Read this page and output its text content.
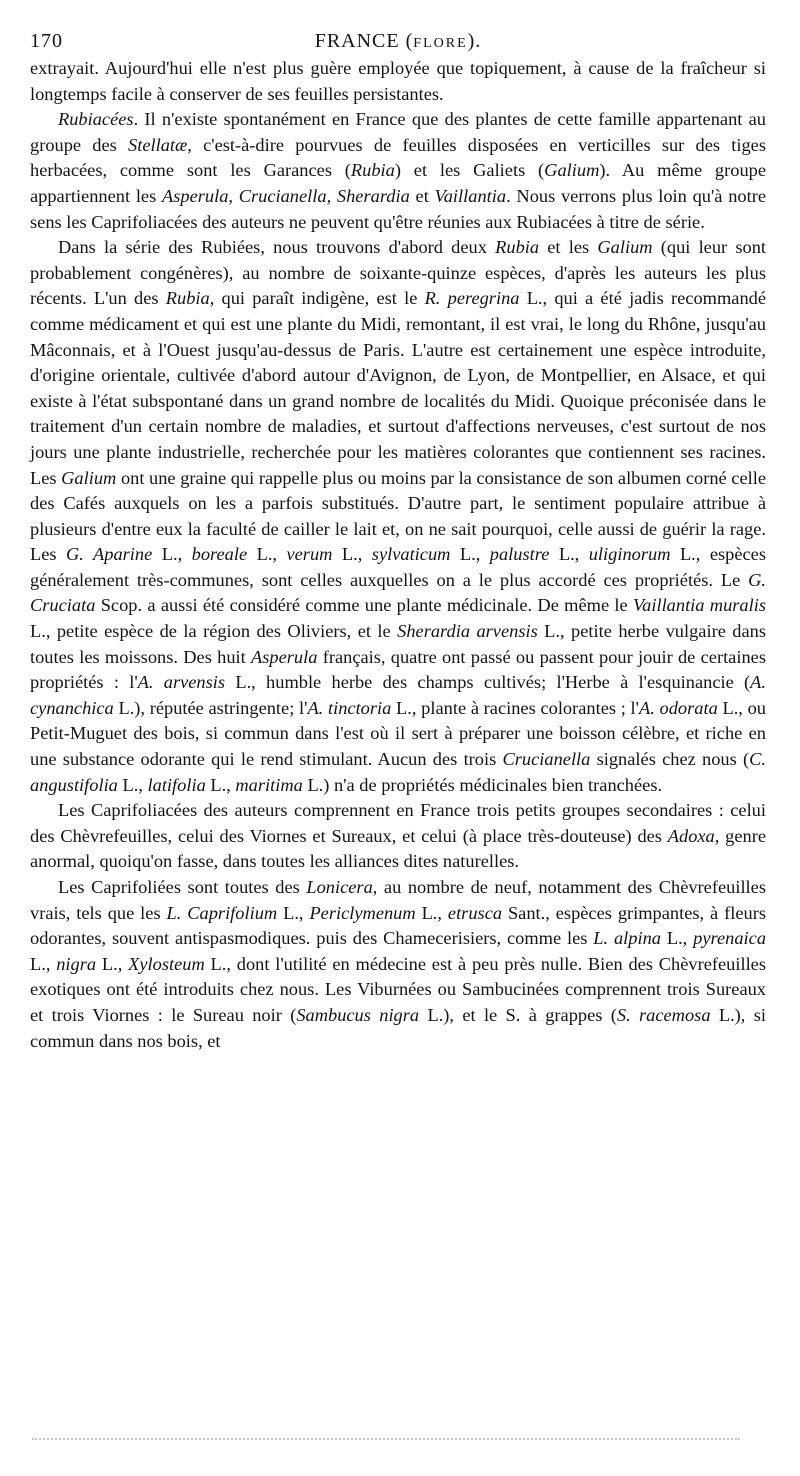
170	FRANCE (FLORE).

extrayait. Aujourd'hui elle n'est plus guère employée que topiquement, à cause de la fraîcheur si longtemps facile à conserver de ses feuilles persistantes.

Rubiacées. Il n'existe spontanément en France que des plantes de cette famille appartenant au groupe des Stellatæ, c'est-à-dire pourvues de feuilles disposées en verticilles sur des tiges herbacées, comme sont les Garances (Rubia) et les Galiets (Galium). Au même groupe appartiennent les Asperula, Crucianella, Sherardia et Vaillantia. Nous verrons plus loin qu'à notre sens les Caprifoliacées des auteurs ne peuvent qu'être réunies aux Rubiacées à titre de série.

Dans la série des Rubiées, nous trouvons d'abord deux Rubia et les Galium (qui leur sont probablement congénères), au nombre de soixante-quinze espèces, d'après les auteurs les plus récents. L'un des Rubia, qui paraît indigène, est le R. peregrina L., qui a été jadis recommandé comme médicament et qui est une plante du Midi, remontant, il est vrai, le long du Rhône, jusqu'au Mâconnais, et à l'Ouest jusqu'au-dessus de Paris. L'autre est certainement une espèce introduite, d'origine orientale, cultivée d'abord autour d'Avignon, de Lyon, de Montpellier, en Alsace, et qui existe à l'état subspontané dans un grand nombre de localités du Midi. Quoique préconisée dans le traitement d'un certain nombre de maladies, et surtout d'affections nerveuses, c'est surtout de nos jours une plante industrielle, recherchée pour les matières colorantes que contiennent ses racines. Les Galium ont une graine qui rappelle plus ou moins par la consistance de son albumen corné celle des Cafés auxquels on les a parfois substitués. D'autre part, le sentiment populaire attribue à plusieurs d'entre eux la faculté de cailler le lait et, on ne sait pourquoi, celle aussi de guérir la rage. Les G. Aparine L., boreale L., verum L., sylvaticum L., palustre L., uliginorum L., espèces généralement très-communes, sont celles auxquelles on a le plus accordé ces propriétés. Le G. Cruciata Scop. a aussi été considéré comme une plante médicinale. De même le Vaillantia muralis L., petite espèce de la région des Oliviers, et le Sherardia arvensis L., petite herbe vulgaire dans toutes les moissons. Des huit Asperula français, quatre ont passé ou passent pour jouir de certaines propriétés : l'A. arvensis L., humble herbe des champs cultivés; l'Herbe à l'esquinancie (A. cynanchica L.), réputée astringente; l'A. tinctoria L., plante à racines colorantes ; l'A. odorata L., ou Petit-Muguet des bois, si commun dans l'est où il sert à préparer une boisson célèbre, et riche en une substance odorante qui le rend stimulant. Aucun des trois Crucianella signalés chez nous (C. angustifolia L., latifolia L., maritima L.) n'a de propriétés médicinales bien tranchées.

Les Caprifoliacées des auteurs comprennent en France trois petits groupes secondaires : celui des Chèvrefeuilles, celui des Viornes et Sureaux, et celui (à place très-douteuse) des Adoxa, genre anormal, quoiqu'on fasse, dans toutes les alliances dites naturelles.

Les Caprifoliées sont toutes des Lonicera, au nombre de neuf, notamment des Chèvrefeuilles vrais, tels que les L. Caprifolium L., Periclymenum L., etrusca Sant., espèces grimpantes, à fleurs odorantes, souvent antispasmodiques. puis des Chamecerisiers, comme les L. alpina L., pyrenaica L., nigra L., Xylosteum L., dont l'utilité en médecine est à peu près nulle. Bien des Chèvrefeuilles exotiques ont été introduits chez nous. Les Viburnées ou Sambucinées comprennent trois Sureaux et trois Viornes : le Sureau noir (Sambucus nigra L.), et le S. à grappes (S. racemosa L.), si commun dans nos bois, et
